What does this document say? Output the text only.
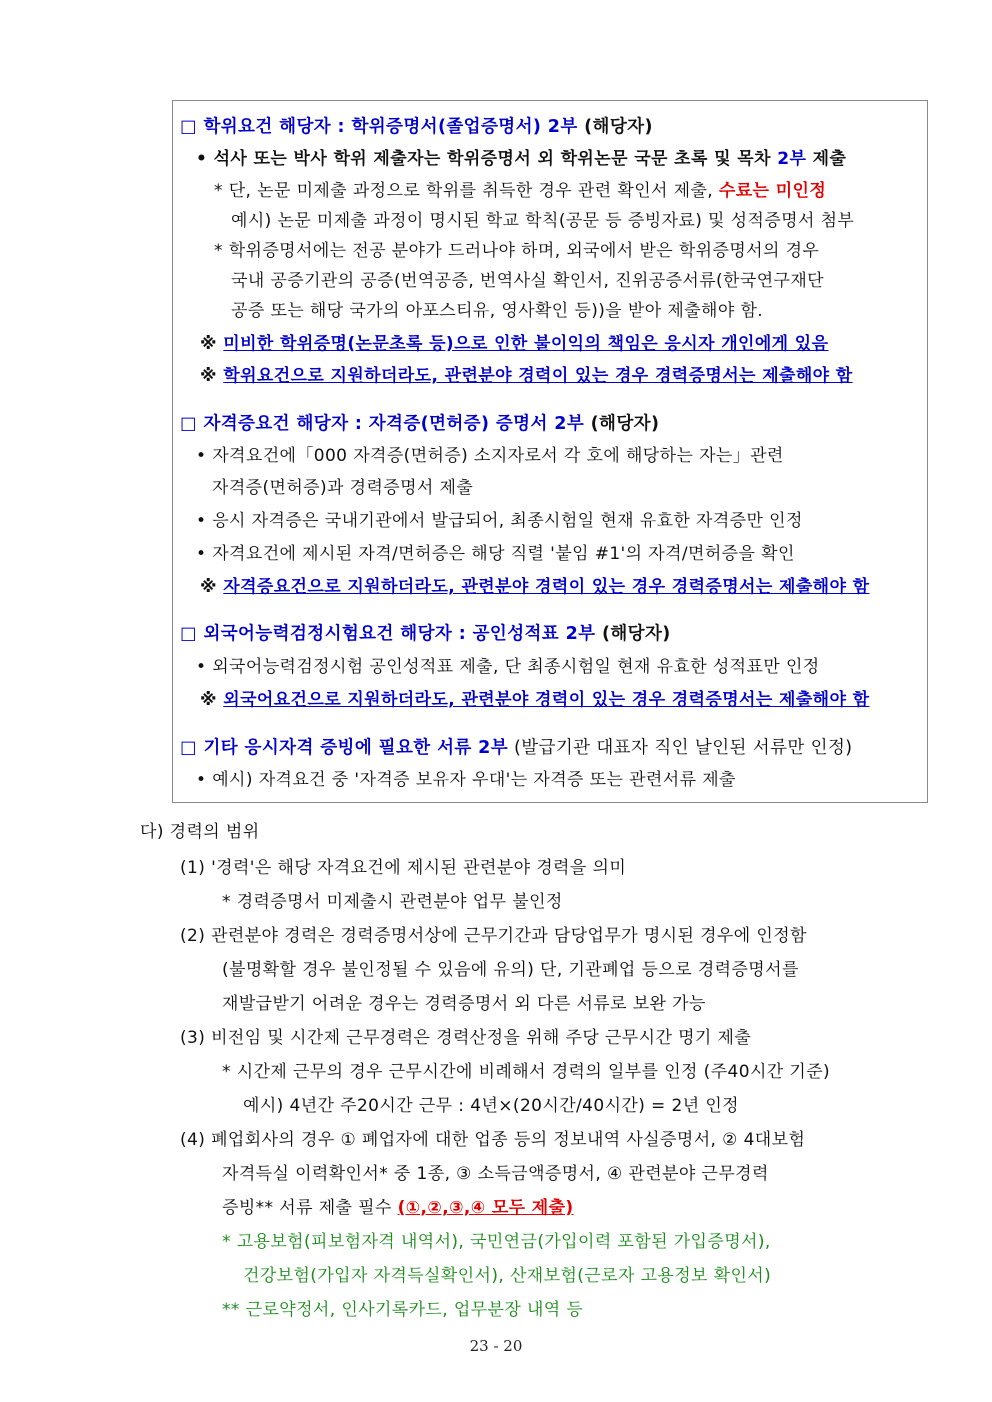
□ 학위요건 해당자 : 학위증명서(졸업증명서) 2부 (해당자)
• 석사 또는 박사 학위 제출자는 학위증명서 외 학위논문 국문 초록 및 목차 2부 제출
* 단, 논문 미제출 과정으로 학위를 취득한 경우 관련 확인서 제출, 수료는 미인정
예시) 논문 미제출 과정이 명시된 학교 학칙(공문 등 증빙자료) 및 성적증명서 첨부
* 학위증명서에는 전공 분야가 드러나야 하며, 외국에서 받은 학위증명서의 경우
국내 공증기관의 공증(번역공증, 번역사실 확인서, 진위공증서류(한국연구재단
공증 또는 해당 국가의 아포스티유, 영사확인 등))을 받아 제출해야 함.
※ 미비한 학위증명(논문초록 등)으로 인한 불이익의 책임은 응시자 개인에게 있음
※ 학위요건으로 지원하더라도, 관련분야 경력이 있는 경우 경력증명서는 제출해야 함
□ 자격증요건 해당자 : 자격증(면허증) 증명서 2부 (해당자)
• 자격요건에「000 자격증(면허증) 소지자로서 각 호에 해당하는 자는」관련
자격증(면허증)과 경력증명서 제출
• 응시 자격증은 국내기관에서 발급되어, 최종시험일 현재 유효한 자격증만 인정
• 자격요건에 제시된 자격/면허증은 해당 직렬 '붙임 #1'의 자격/면허증을 확인
※ 자격증요건으로 지원하더라도, 관련분야 경력이 있는 경우 경력증명서는 제출해야 함
□ 외국어능력검정시험요건 해당자 : 공인성적표 2부 (해당자)
• 외국어능력검정시험 공인성적표 제출, 단 최종시험일 현재 유효한 성적표만 인정
※ 외국어요건으로 지원하더라도, 관련분야 경력이 있는 경우 경력증명서는 제출해야 함
□ 기타 응시자격 증빙에 필요한 서류 2부 (발급기관 대표자 직인 날인된 서류만 인정)
• 예시) 자격요건 중 '자격증 보유자 우대'는 자격증 또는 관련서류 제출
다) 경력의 범위
(1) '경력'은 해당 자격요건에 제시된 관련분야 경력을 의미
* 경력증명서 미제출시 관련분야 업무 불인정
(2) 관련분야 경력은 경력증명서상에 근무기간과 담당업무가 명시된 경우에 인정함
(불명확할 경우 불인정될 수 있음에 유의) 단, 기관폐업 등으로 경력증명서를
재발급받기 어려운 경우는 경력증명서 외 다른 서류로 보완 가능
(3) 비전임 및 시간제 근무경력은 경력산정을 위해 주당 근무시간 명기 제출
* 시간제 근무의 경우 근무시간에 비례해서 경력의 일부를 인정 (주40시간 기준)
예시) 4년간 주20시간 근무 : 4년×(20시간/40시간) = 2년 인정
(4) 폐업회사의 경우 ① 폐업자에 대한 업종 등의 정보내역 사실증명서, ② 4대보험
자격득실 이력확인서* 중 1종, ③ 소득금액증명서, ④ 관련분야 근무경력
증빙** 서류 제출 필수 (①,②,③,④ 모두 제출)
* 고용보험(피보험자격 내역서), 국민연금(가입이력 포함된 가입증명서),
건강보험(가입자 자격득실확인서), 산재보험(근로자 고용정보 확인서)
** 근로약정서, 인사기록카드, 업무분장 내역 등
23 - 20
